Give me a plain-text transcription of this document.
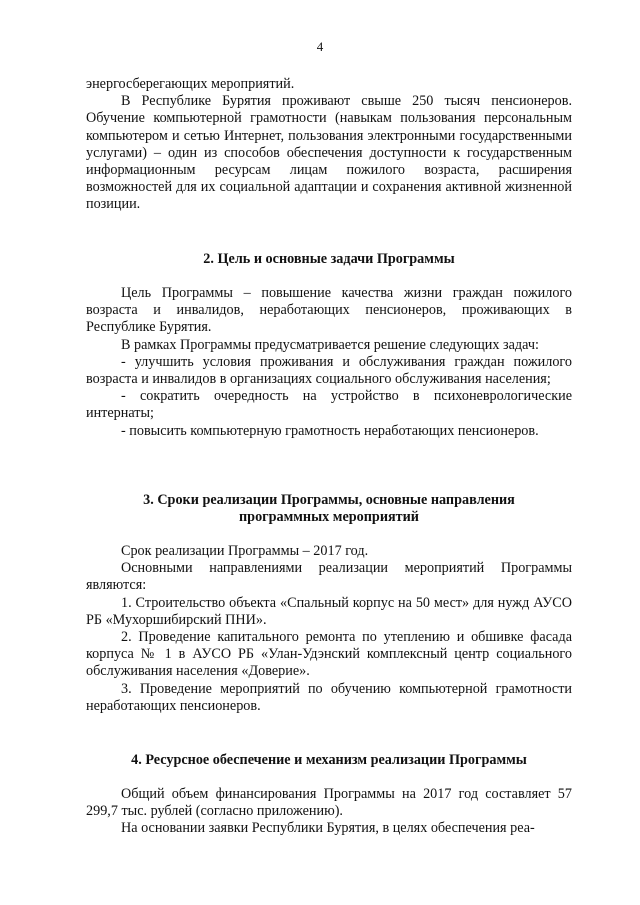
4

энергосберегающих мероприятий.

В Республике Бурятия проживают свыше 250 тысяч пенсионеров. Обучение компьютерной грамотности (навыкам пользования персональным компьютером и сетью Интернет, пользования электронными государственными услугами) – один из способов обеспечения доступности к государственным информационным ресурсам лицам пожилого возраста, расширения возможностей для их социальной адаптации и сохранения активной жизненной позиции.

2. Цель и основные задачи Программы

Цель Программы – повышение качества жизни граждан пожилого возраста и инвалидов, неработающих пенсионеров, проживающих в Республике Бурятия.

В рамках Программы предусматривается решение следующих задач:

- улучшить условия проживания и обслуживания граждан пожилого возраста и инвалидов в организациях социального обслуживания населения;

- сократить очередность на устройство в психоневрологические интернаты;

- повысить компьютерную грамотность неработающих пенсионеров.

3. Сроки реализации Программы, основные направления
программных мероприятий

Срок реализации Программы – 2017 год.

Основными направлениями реализации мероприятий Программы являются:

1. Строительство объекта «Спальный корпус на 50 мест» для нужд АУСО РБ «Мухоршибирский ПНИ».

2. Проведение капитального ремонта по утеплению и обшивке фасада корпуса № 1 в АУСО РБ «Улан-Удэнский комплексный центр социального обслуживания населения «Доверие».

3. Проведение мероприятий по обучению компьютерной грамотности неработающих пенсионеров.

4. Ресурсное обеспечение и механизм реализации Программы

Общий объем финансирования Программы на 2017 год составляет 57 299,7 тыс. рублей (согласно приложению).

На основании заявки Республики Бурятия, в целях обеспечения реа-
